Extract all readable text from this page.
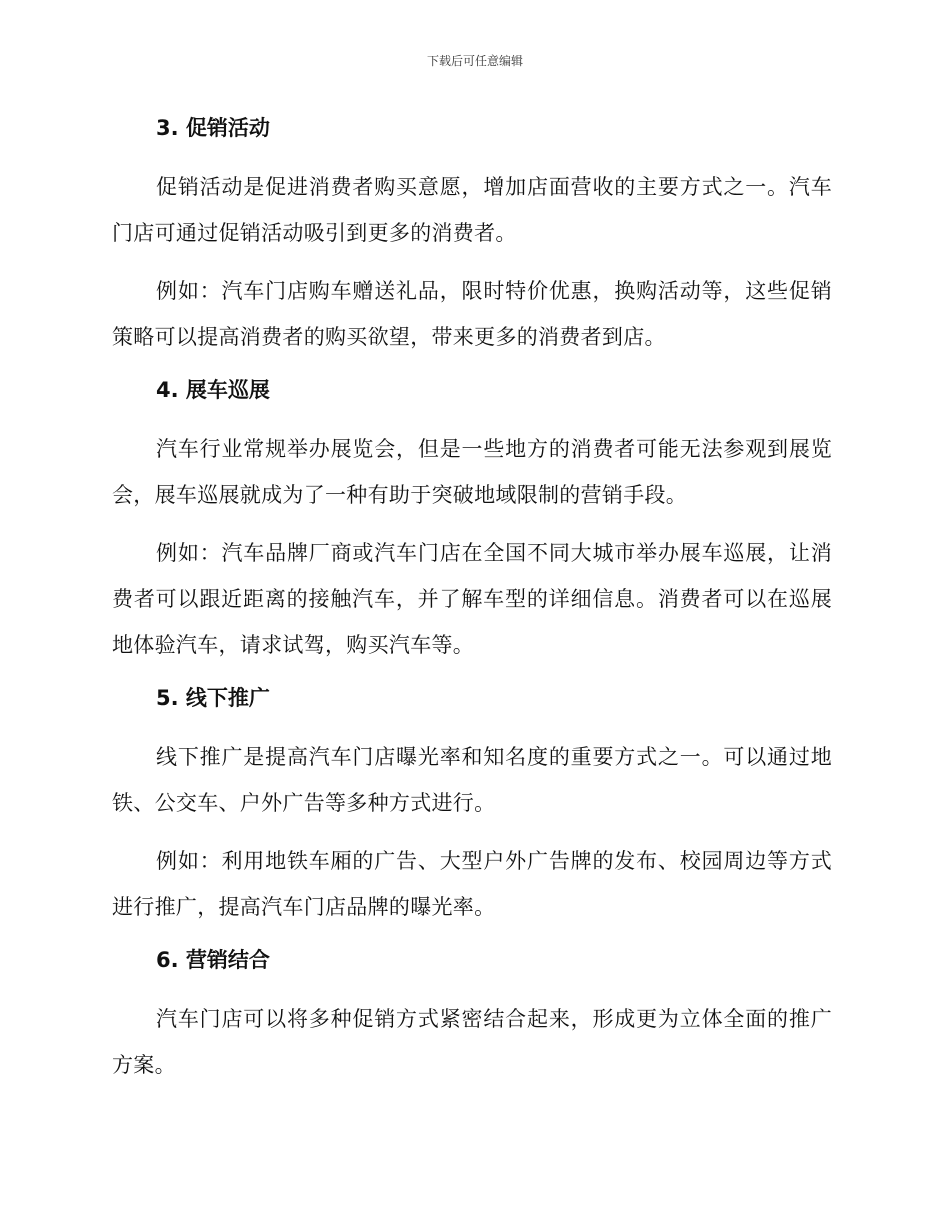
下载后可任意编辑
3. 促销活动

促销活动是促进消费者购买意愿，增加店面营收的主要方式之一。汽车门店可通过促销活动吸引到更多的消费者。

例如：汽车门店购车赠送礼品，限时特价优惠，换购活动等，这些促销策略可以提高消费者的购买欲望，带来更多的消费者到店。

4. 展车巡展

汽车行业常规举办展览会，但是一些地方的消费者可能无法参观到展览会，展车巡展就成为了一种有助于突破地域限制的营销手段。

例如：汽车品牌厂商或汽车门店在全国不同大城市举办展车巡展，让消费者可以跟近距离的接触汽车，并了解车型的详细信息。消费者可以在巡展地体验汽车，请求试驾，购买汽车等。

5. 线下推广

线下推广是提高汽车门店曝光率和知名度的重要方式之一。可以通过地铁、公交车、户外广告等多种方式进行。

例如：利用地铁车厢的广告、大型户外广告牌的发布、校园周边等方式进行推广，提高汽车门店品牌的曝光率。

6. 营销结合

汽车门店可以将多种促销方式紧密结合起来，形成更为立体全面的推广方案。
